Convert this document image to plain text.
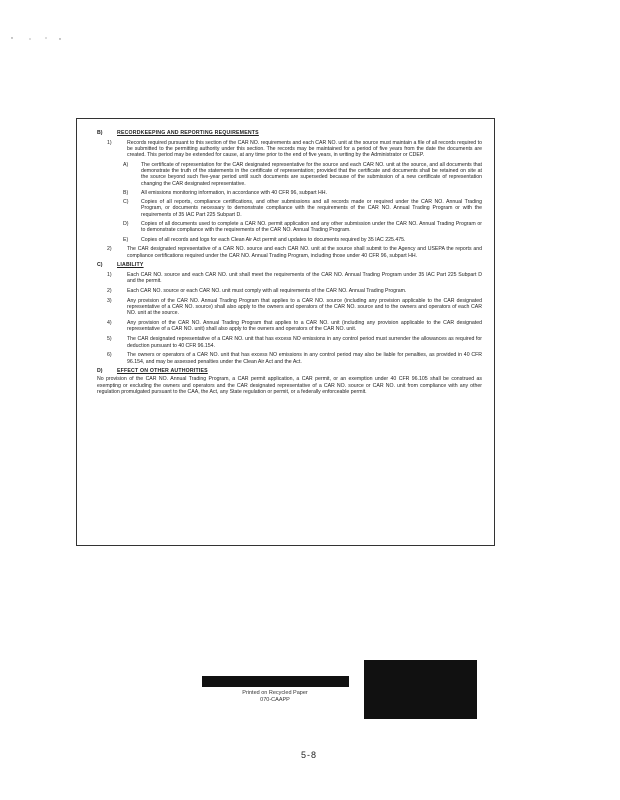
B)	RECORDKEEPING AND REPORTING REQUIREMENTS
1)	Records required pursuant to this section of the CAR NO. requirements and each CAR NO. unit at the source must maintain a file of all records required to be submitted to the permitting authority under this section. The records may be maintained for a period of five years from the date the documents are created. This period may be extended for cause, at any time prior to the end of five years, in writing by the Administrator or CDEP.
A)	The certificate of representation for the CAR designated representative for the source and each CAR NO. unit at the source, and all documents that demonstrate the truth of the statements in the certificate of representation; provided that the certificate and documents shall be retained on site at the source beyond such five-year period until such documents are superseded because of the submission of a new certificate of representation changing the CAR designated representative.
B)	All emissions monitoring information, in accordance with 40 CFR 96, subpart HH.
C)	Copies of all reports, compliance certifications, and other submissions and all records made or required under the CAR NO. Annual Trading Program, or documents necessary to demonstrate compliance with the requirements of the CAR NO. Annual Trading Program or with the requirements of 35 IAC Part 225 Subpart D.
D)	Copies of all documents used to complete a CAR NO. permit application and any other submission under the CAR NO. Annual Trading Program or to demonstrate compliance with the requirements of the CAR NO. Annual Trading Program.
E)	Copies of all records and logs for each Clean Air Act permit and updates to documents required by 35 IAC 225.475.
2)	The CAR designated representative of a CAR NO. source and each CAR NO. unit at the source shall submit to the Agency and USEPA the reports and compliance certifications required under the CAR NO. Annual Trading Program, including those under 40 CFR 96, subpart HH.
C)	LIABILITY
1)	Each CAR NO. source and each CAR NO. unit shall meet the requirements of the CAR NO. Annual Trading Program under 35 IAC Part 225 Subpart D and the permit.
2)	Each CAR NO. source or each CAR NO. unit must comply with all requirements of the CAR NO. Annual Trading Program.
3)	Any provision of the CAR NO. Annual Trading Program that applies to a CAR NO. source (including any provision applicable to the CAR designated representative of a CAR NO. source) shall also apply to the owners and operators of the CAR NO. source and to the owners and operators of each CAR NO. unit at the source.
4)	Any provision of the CAR NO. Annual Trading Program that applies to a CAR NO. unit (including any provision applicable to the CAR designated representative of a CAR NO. unit) shall also apply to the owners and operators of the CAR NO. unit.
5)	The CAR designated representative of a CAR NO. unit that has excess NO emissions in any control period must surrender the allowances as required for deduction pursuant to 40 CFR 96.154.
6)	The owners or operators of a CAR NO. unit that has excess NO emissions in any control period may also be liable for penalties, as provided in 40 CFR 96.154, and may be assessed penalties under the Clean Air Act and the Act.
D)	EFFECT ON OTHER AUTHORITIES
No provision of the CAR NO. Annual Trading Program, a CAR permit application, a CAR permit, or an exemption under 40 CFR 96.105 shall be construed as exempting or excluding the owners and operators and the CAR designated representative of a CAR NO. source or CAR NO. unit from compliance with any other regulation promulgated pursuant to the CAA, the Act, any State regulation or permit, or a federally enforceable permit.
Printed on Recycled Paper
070-CAAPP
5-8
